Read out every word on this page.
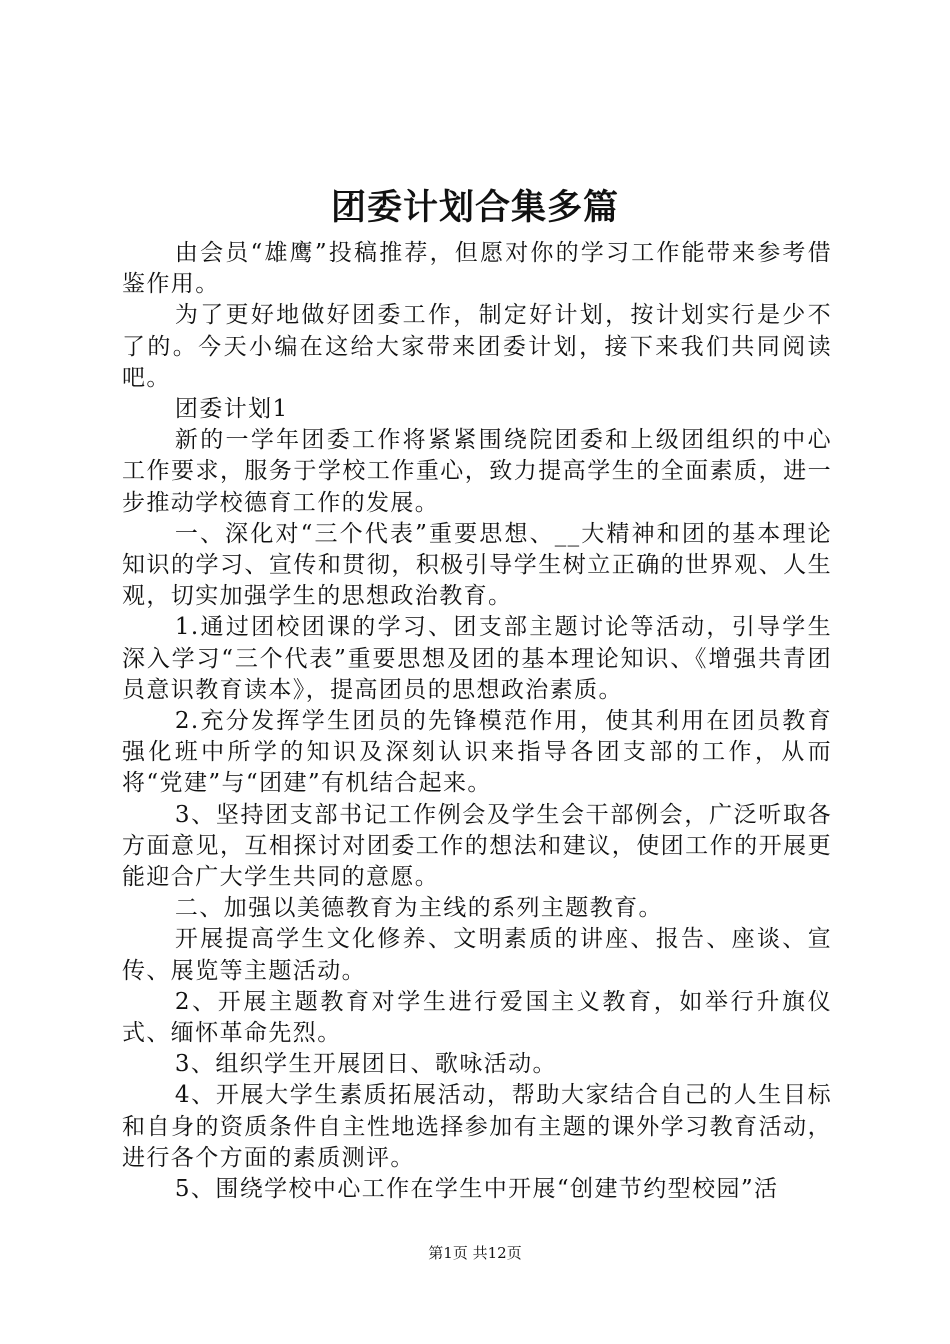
团委计划合集多篇

由会员“雄鹰”投稿推荐，但愿对你的学习工作能带来参考借鉴作用。

为了更好地做好团委工作，制定好计划，按计划实行是少不了的。今天小编在这给大家带来团委计划，接下来我们共同阅读吧。

团委计划1

新的一学年团委工作将紧紧围绕院团委和上级团组织的中心工作要求，服务于学校工作重心，致力提高学生的全面素质，进一步推动学校德育工作的发展。

一、深化对“三个代表”重要思想、__大精神和团的基本理论知识的学习、宣传和贯彻，积极引导学生树立正确的世界观、人生观，切实加强学生的思想政治教育。

1.通过团校团课的学习、团支部主题讨论等活动，引导学生深入学习“三个代表”重要思想及团的基本理论知识、《增强共青团员意识教育读本》，提高团员的思想政治素质。

2.充分发挥学生团员的先锋模范作用，使其利用在团员教育强化班中所学的知识及深刻认识来指导各团支部的工作，从而将“党建”与“团建”有机结合起来。

3、坚持团支部书记工作例会及学生会干部例会，广泛听取各方面意见，互相探讨对团委工作的想法和建议，使团工作的开展更能迎合广大学生共同的意愿。

二、加强以美德教育为主线的系列主题教育。

开展提高学生文化修养、文明素质的讲座、报告、座谈、宣传、展览等主题活动。

2、开展主题教育对学生进行爱国主义教育，如举行升旗仪式、缅怀革命先烈。

3、组织学生开展团日、歌咏活动。

4、开展大学生素质拓展活动，帮助大家结合自己的人生目标和自身的资质条件自主性地选择参加有主题的课外学习教育活动，进行各个方面的素质测评。

5、围绕学校中心工作在学生中开展“创建节约型校园”活

第1页 共12页
